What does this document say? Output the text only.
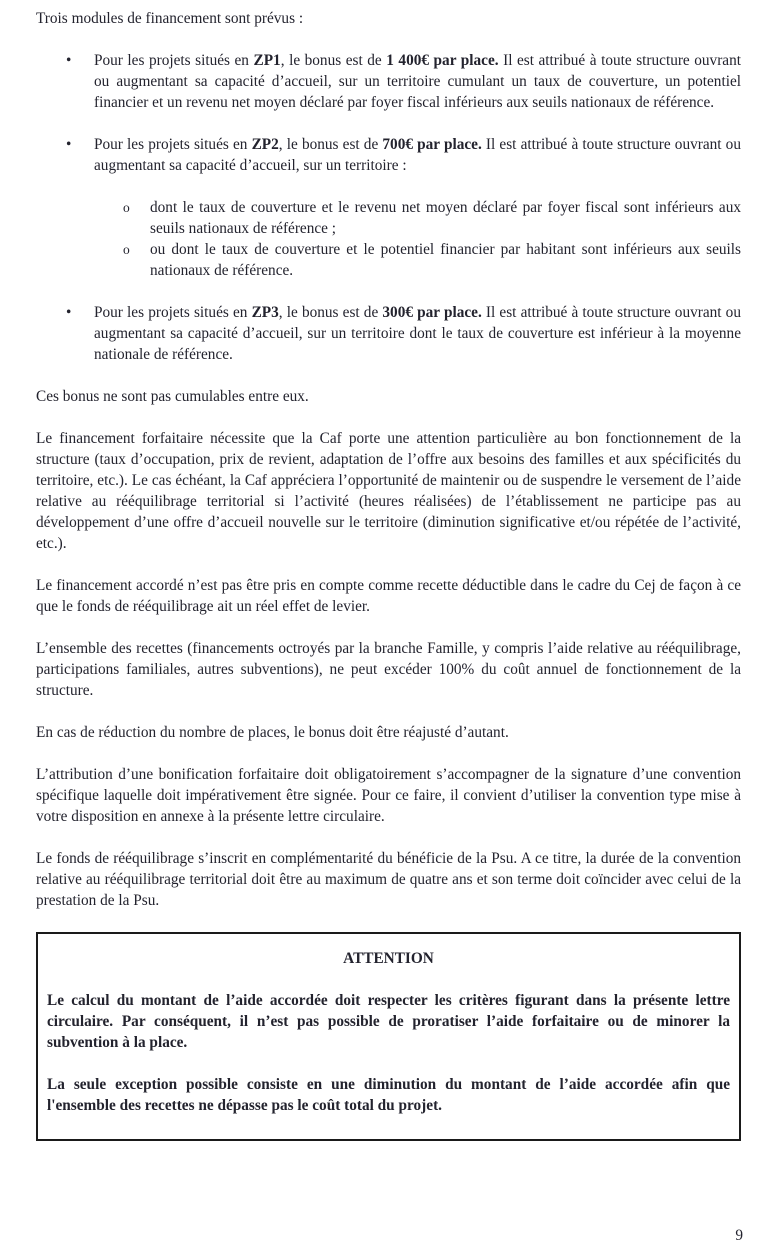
Trois modules de financement sont prévus :

•	Pour les projets situés en ZP1, le bonus est de 1 400€ par place. Il est attribué à toute structure ouvrant ou augmentant sa capacité d’accueil, sur un territoire cumulant un taux de couverture, un potentiel financier et un revenu net moyen déclaré par foyer fiscal inférieurs aux seuils nationaux de référence.
•	Pour les projets situés en ZP2, le bonus est de 700€ par place. Il est attribué à toute structure ouvrant ou augmentant sa capacité d’accueil, sur un territoire :
o	dont le taux de couverture et le revenu net moyen déclaré par foyer fiscal sont inférieurs aux seuils nationaux de référence ;
o	ou dont le taux de couverture et le potentiel financier par habitant sont inférieurs aux seuils nationaux de référence.
•	Pour les projets situés en ZP3, le bonus est de 300€ par place. Il est attribué à toute structure ouvrant ou augmentant sa capacité d’accueil, sur un territoire dont le taux de couverture est inférieur à la moyenne nationale de référence.

Ces bonus ne sont pas cumulables entre eux.

Le financement forfaitaire nécessite que la Caf porte une attention particulière au bon fonctionnement de la structure (taux d’occupation, prix de revient, adaptation de l’offre aux besoins des familles et aux spécificités du territoire, etc.). Le cas échéant, la Caf appréciera l’opportunité de maintenir ou de suspendre le versement de l’aide relative au rééquilibrage territorial si l’activité (heures réalisées) de l’établissement ne participe pas au développement d’une offre d’accueil nouvelle sur le territoire (diminution significative et/ou répétée de l’activité, etc.).

Le financement accordé n’est pas être pris en compte comme recette déductible dans le cadre du Cej de façon à ce que le fonds de rééquilibrage ait un réel effet de levier.

L’ensemble des recettes (financements octroyés par la branche Famille, y compris l’aide relative au rééquilibrage, participations familiales, autres subventions), ne peut excéder 100% du coût annuel de fonctionnement de la structure.

En cas de réduction du nombre de places, le bonus doit être réajusté d’autant.

L’attribution d’une bonification forfaitaire doit obligatoirement s’accompagner de la signature d’une convention spécifique laquelle doit impérativement être signée. Pour ce faire, il convient d’utiliser la convention type mise à votre disposition en annexe à la présente lettre circulaire.

Le fonds de rééquilibrage s’inscrit en complémentarité du bénéficie de la Psu. A ce titre, la durée de la convention relative au rééquilibrage territorial doit être au maximum de quatre ans et son terme doit coïncider avec celui de la prestation de la Psu.

ATTENTION

Le calcul du montant de l’aide accordée doit respecter les critères figurant dans la présente lettre circulaire. Par conséquent, il n’est pas possible de proratiser l’aide forfaitaire ou de minorer la subvention à la place.

La seule exception possible consiste en une diminution du montant de l’aide accordée afin que l'ensemble des recettes ne dépasse pas le coût total du projet.

9
